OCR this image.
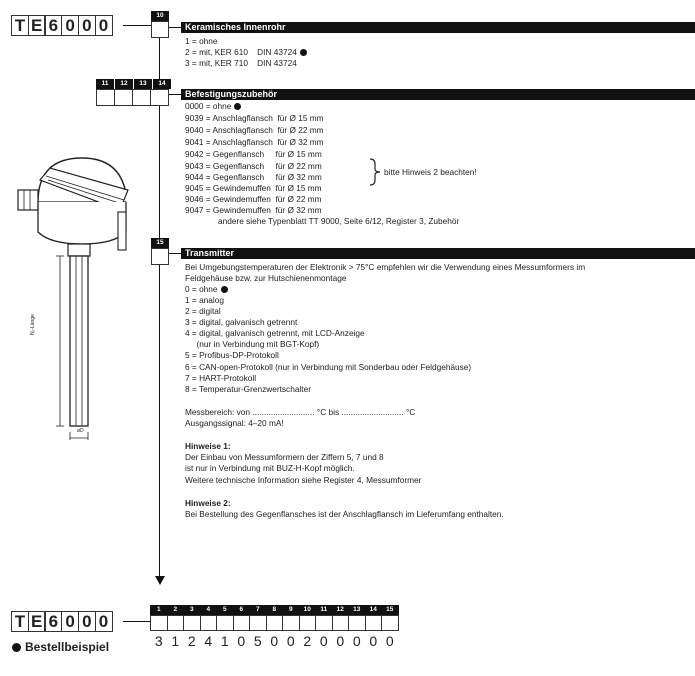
T E 6 0 0 0	10
Keramisches Innenrohr
1 = ohne
2 = mit, KER 610    DIN 43724
3 = mit, KER 710    DIN 43724
11	12	13	14
Befestigungszubehör
0000 = ohne
9039 = Anschlagflansch  für Ø 15 mm
9040 = Anschlagflansch  für Ø 22 mm
9041 = Anschlagflansch  für Ø 32 mm
9042 = Gegenflansch     für Ø 15 mm
9043 = Gegenflansch     für Ø 22 mm
9044 = Gegenflansch     für Ø 32 mm
9045 = Gewindemuffen  für Ø 15 mm
9046 = Gewindemuffen  für Ø 22 mm
9047 = Gewindemuffen  für Ø 32 mm
andere siehe Typenblatt TT 9000, Seite 6/12, Register 3, Zubehör
bitte Hinweis 2 beachten!
15
Transmitter
Bei Umgebungstemperaturen der Elektronik > 75°C empfehlen wir die Verwendung eines Messumformers im
Feldgehäuse bzw. zur Hutschienenmontage
0 = ohne
1 = analog
2 = digital
3 = digital, galvanisch getrennt
4 = digital, galvanisch getrennt, mit LCD-Anzeige
(nur in Verbindung mit BGT-Kopf)
5 = Profibus-DP-Protokoll
6 = CAN-open-Protokoll (nur in Verbindung mit Sonderbau oder Feldgehäuse)
7 = HART-Protokoll
8 = Temperatur-Grenzwertschalter
Messbereich: von ........................... °C bis ........................... °C
Ausgangssignal: 4–20 mA!
Hinweise 1:
Der Einbau von Messumformern der Ziffern 5, 7 und 8
ist nur in Verbindung mit BUZ-H-Kopf möglich.
Weitere technische Information siehe Register 4, Messumformer
Hinweise 2:
Bei Bestellung des Gegenflansches ist der Anschlagflansch im Lieferumfang enthalten.
N₁-Länge
øD
T E 6 0 0 0
1	2	3	4	5	6	7	8	9	10	11	12	13	14	15
3 1 2 4 1 0 5 0 0 2 0 0 0 0 0
Bestellbeispiel
